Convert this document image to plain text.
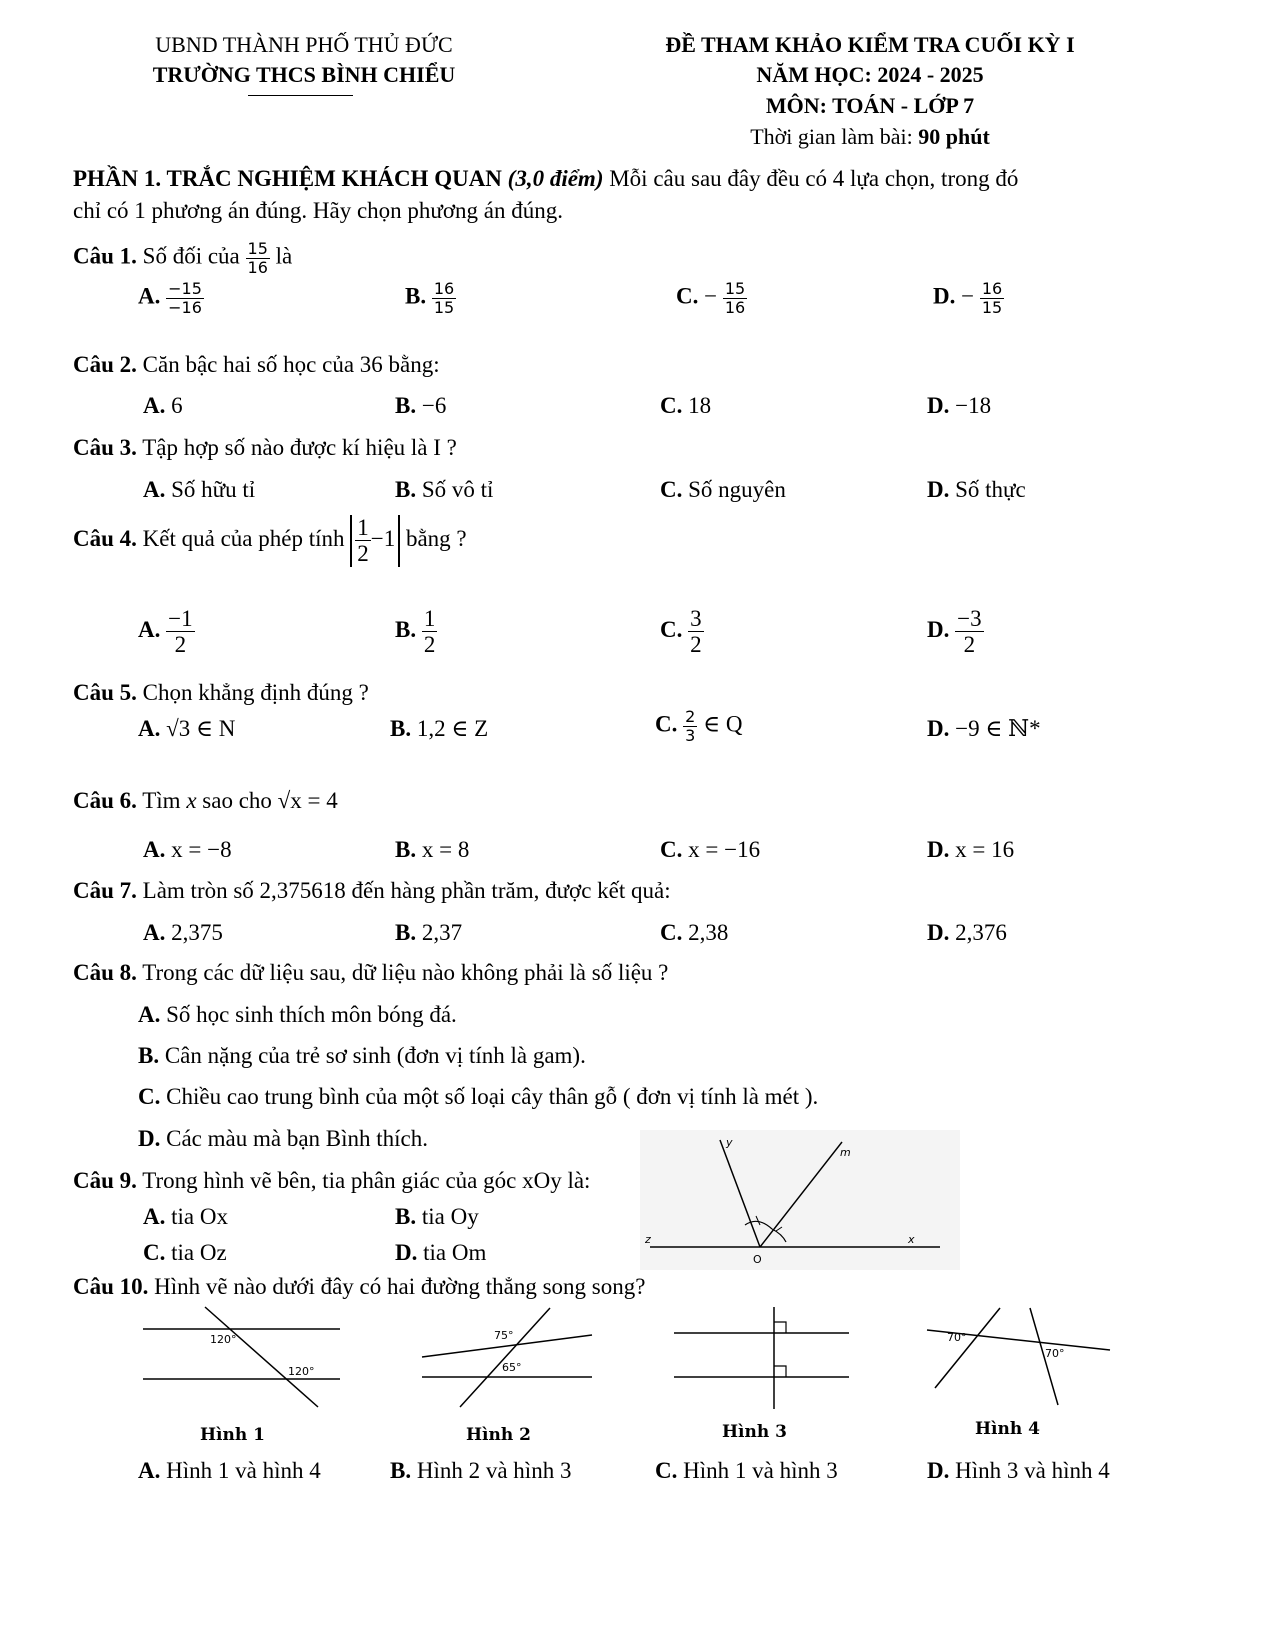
UBND THÀNH PHỐ THỦ ĐỨC
TRƯỜNG THCS BÌNH CHIỂU
ĐỀ THAM KHẢO KIỂM TRA CUỐI KỲ I
NĂM HỌC: 2024 - 2025
MÔN: TOÁN - LỚP 7
Thời gian làm bài: 90 phút
PHẦN 1. TRẮC NGHIỆM KHÁCH QUAN (3,0 điểm) Mỗi câu sau đây đều có 4 lựa chọn, trong đó
chỉ có 1 phương án đúng. Hãy chọn phương án đúng.
Câu 1. Số đối của $\frac{15}{16}$ là
A. $\frac{-15}{-16}$	B. $\frac{16}{15}$	C. − $\frac{15}{16}$	D. − $\frac{16}{15}$
Câu 2. Căn bậc hai số học của 36 bằng:
A. 6	B. −6	C. 18	D. −18
Câu 3. Tập hợp số nào được kí hiệu là I ?
A. Số hữu tỉ	B. Số vô tỉ	C. Số nguyên	D. Số thực
Câu 4. Kết quả của phép tính $\frac{1}{2} -1$ bằng ?
A. $\frac{-1}{2}$	B. $\frac{1}{2}$	C. $\frac{3}{2}$	D. $\frac{-3}{2}$
Câu 5. Chọn khẳng định đúng ?
A. √3 ∈ N	B. 1,2 ∈ Z	C. $\frac{2}{3}$ ∈ Q	D. −9 ∈ ℕ*
Câu 6. Tìm x sao cho √x = 4
A. x = −8	B. x = 8	C. x = −16	D. x = 16
Câu 7. Làm tròn số 2,375618 đến hàng phần trăm, được kết quả:
A. 2,375	B. 2,37	C. 2,38	D. 2,376
Câu 8. Trong các dữ liệu sau, dữ liệu nào không phải là số liệu ?
A. Số học sinh thích môn bóng đá.
B. Cân nặng của trẻ sơ sinh (đơn vị tính là gam).
C. Chiều cao trung bình của một số loại cây thân gỗ ( đơn vị tính là mét ).
D. Các màu mà bạn Bình thích.
Câu 9. Trong hình vẽ bên, tia phân giác của góc xOy là:
A. tia Ox	B. tia Oy
C. tia Oz	D. tia Om
y
m
z	x
O
Câu 10. Hình vẽ nào dưới đây có hai đường thẳng song song?
120°
120°
Hình 1
75°
65°
Hình 2	Hình 3
70°
70°
Hình 4
A. Hình 1 và hình 4	B. Hình 2 và hình 3	C. Hình 1 và hình 3	D. Hình 3 và hình 4
